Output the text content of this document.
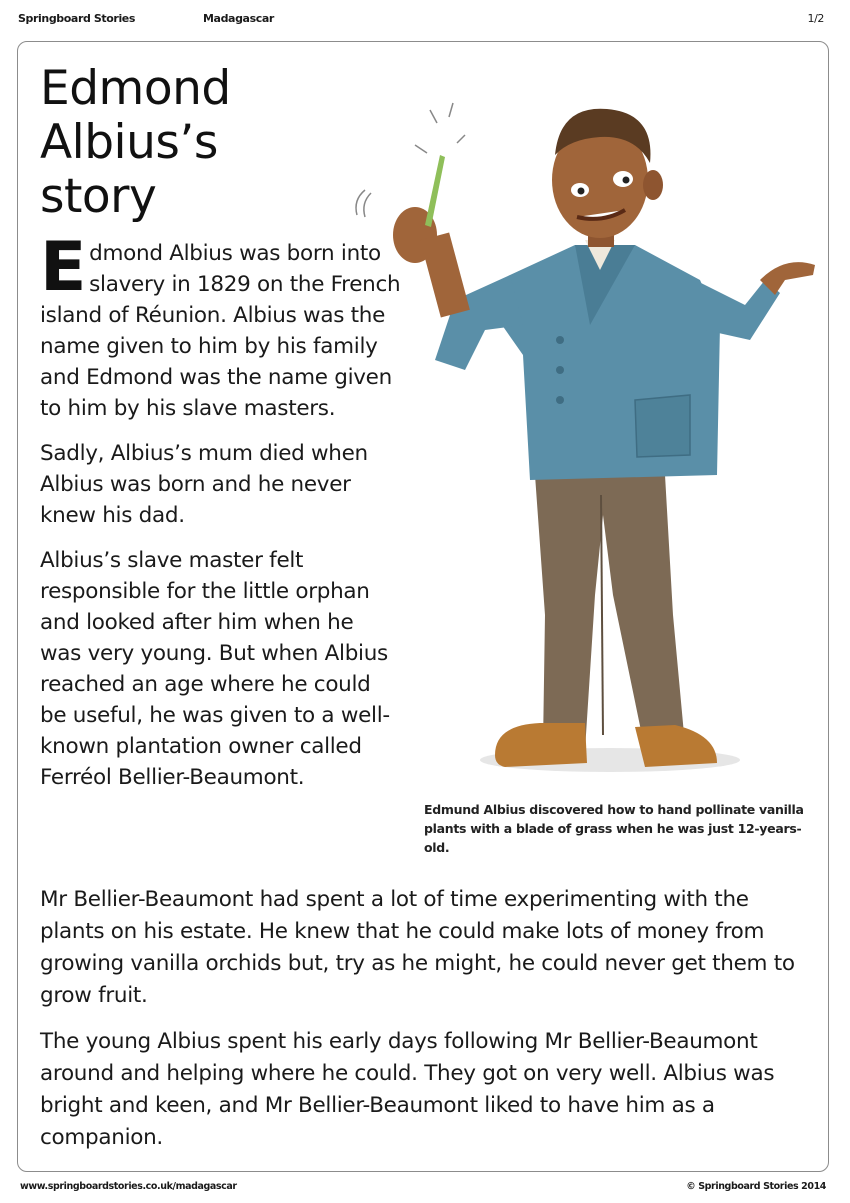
Springboard Stories	Madagascar	1/2
Edmond
Albius’s
story

Edmond Albius was born into slavery in 1829 on the French island of Réunion. Albius was the name given to him by his family and Edmond was the name given to him by his slave masters.

Sadly, Albius’s mum died when Albius was born and he never knew his dad.

Albius’s slave master felt responsible for the little orphan and looked after him when he was very young. But when Albius reached an age where he could be useful, he was given to a well-known plantation owner called Ferréol Bellier-Beaumont.

Edmund Albius discovered how to hand pollinate vanilla plants with a blade of grass when he was just 12-years-old.

Mr Bellier-Beaumont had spent a lot of time experimenting with the plants on his estate. He knew that he could make lots of money from growing vanilla orchids but, try as he might, he could never get them to grow fruit.

The young Albius spent his early days following Mr Bellier-Beaumont around and helping where he could. They got on very well. Albius was bright and keen, and Mr Bellier-Beaumont liked to have him as a companion.

www.springboardstories.co.uk/madagascar	© Springboard Stories 2014
